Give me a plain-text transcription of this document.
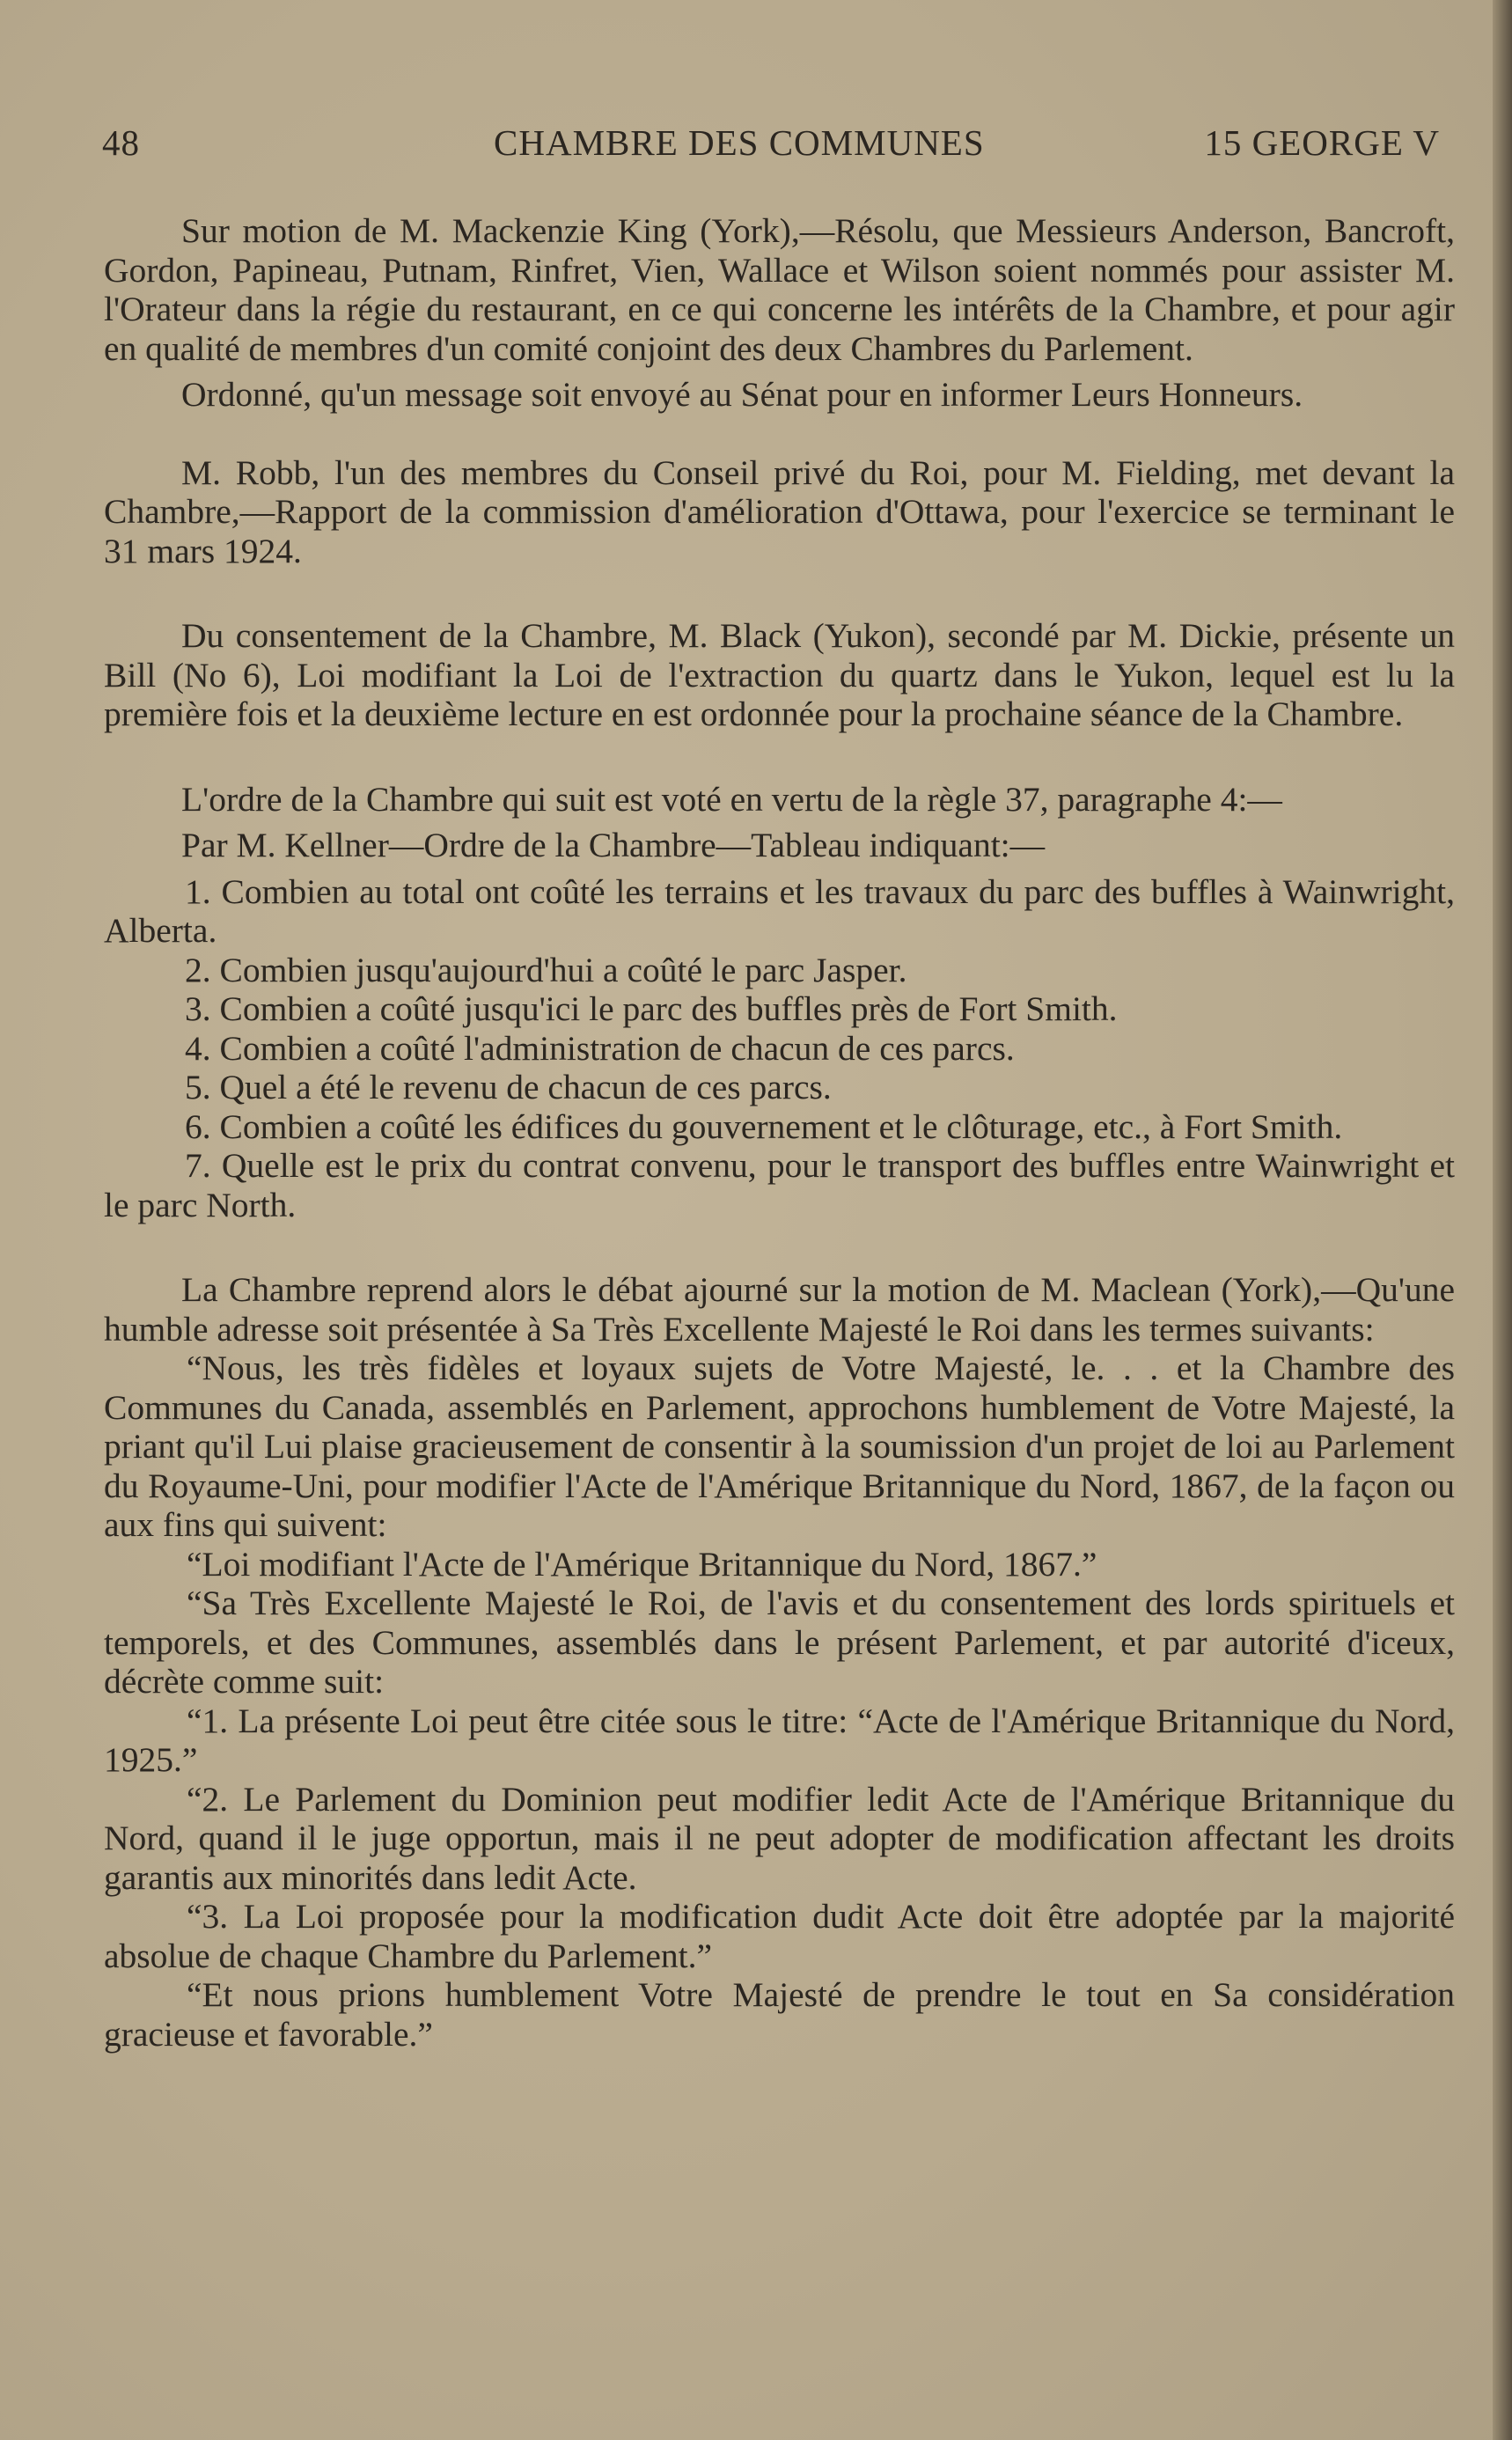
48	CHAMBRE DES COMMUNES	15 GEORGE V

Sur motion de M. Mackenzie King (York),—Résolu, que Messieurs Anderson, Bancroft, Gordon, Papineau, Putnam, Rinfret, Vien, Wallace et Wilson soient nommés pour assister M. l'Orateur dans la régie du restaurant, en ce qui concerne les intérêts de la Chambre, et pour agir en qualité de membres d'un comité conjoint des deux Chambres du Parlement.

Ordonné, qu'un message soit envoyé au Sénat pour en informer Leurs Honneurs.

M. Robb, l'un des membres du Conseil privé du Roi, pour M. Fielding, met devant la Chambre,—Rapport de la commission d'amélioration d'Ottawa, pour l'exercice se terminant le 31 mars 1924.

Du consentement de la Chambre, M. Black (Yukon), secondé par M. Dickie, présente un Bill (No 6), Loi modifiant la Loi de l'extraction du quartz dans le Yukon, lequel est lu la première fois et la deuxième lecture en est ordonnée pour la prochaine séance de la Chambre.

L'ordre de la Chambre qui suit est voté en vertu de la règle 37, paragraphe 4:—

Par M. Kellner—Ordre de la Chambre—Tableau indiquant:—

1. Combien au total ont coûté les terrains et les travaux du parc des buffles à Wainwright, Alberta.

2. Combien jusqu'aujourd'hui a coûté le parc Jasper.

3. Combien a coûté jusqu'ici le parc des buffles près de Fort Smith.

4. Combien a coûté l'administration de chacun de ces parcs.

5. Quel a été le revenu de chacun de ces parcs.

6. Combien a coûté les édifices du gouvernement et le clôturage, etc., à Fort Smith.

7. Quelle est le prix du contrat convenu, pour le transport des buffles entre Wainwright et le parc North.

La Chambre reprend alors le débat ajourné sur la motion de M. Maclean (York),—Qu'une humble adresse soit présentée à Sa Très Excellente Majesté le Roi dans les termes suivants:

“Nous, les très fidèles et loyaux sujets de Votre Majesté, le. . . et la Chambre des Communes du Canada, assemblés en Parlement, approchons humblement de Votre Majesté, la priant qu'il Lui plaise gracieusement de consentir à la soumission d'un projet de loi au Parlement du Royaume-Uni, pour modifier l'Acte de l'Amérique Britannique du Nord, 1867, de la façon ou aux fins qui suivent:

“Loi modifiant l'Acte de l'Amérique Britannique du Nord, 1867.”

“Sa Très Excellente Majesté le Roi, de l'avis et du consentement des lords spirituels et temporels, et des Communes, assemblés dans le présent Parlement, et par autorité d'iceux, décrète comme suit:

“1. La présente Loi peut être citée sous le titre: “Acte de l'Amérique Britannique du Nord, 1925.”

“2. Le Parlement du Dominion peut modifier ledit Acte de l'Amérique Britannique du Nord, quand il le juge opportun, mais il ne peut adopter de modification affectant les droits garantis aux minorités dans ledit Acte.

“3. La Loi proposée pour la modification dudit Acte doit être adoptée par la majorité absolue de chaque Chambre du Parlement.”

“Et nous prions humblement Votre Majesté de prendre le tout en Sa considération gracieuse et favorable.”
